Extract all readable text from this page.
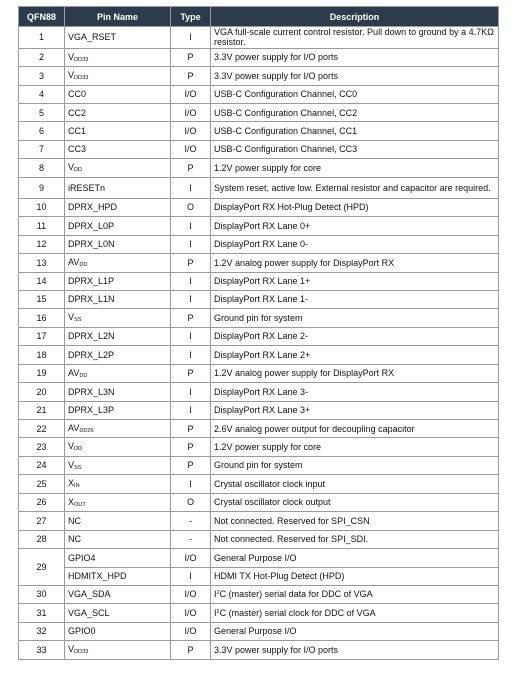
QFN88	Pin Name	Type	Description
1	VGA_RSET	I	VGA full-scale current control resistor. Pull down to ground by a 4.7KΩ resistor.
2	$V_{DD33}$	P	3.3V power supply for I/O ports
3	$V_{DD33}$	P	3.3V power supply for I/O ports
4	CC0	I/O	USB-C Configuration Channel, CC0
5	CC2	I/O	USB-C Configuration Channel, CC2
6	CC1	I/O	USB-C Configuration Channel, CC1
7	CC3	I/O	USB-C Configuration Channel, CC3
8	$V_{DD}$	P	1.2V power supply for core
9	iRESETn	I	System reset, active low. External resistor and capacitor are required.
10	DPRX_HPD	O	DisplayPort RX Hot-Plug Detect (HPD)
11	DPRX_L0P	I	DisplayPort RX Lane 0+
12	DPRX_L0N	I	DisplayPort RX Lane 0-
13	$AV_{DD}$	P	1.2V analog power supply for DisplayPort RX
14	DPRX_L1P	I	DisplayPort RX Lane 1+
15	DPRX_L1N	I	DisplayPort RX Lane 1-
16	$V_{SS}$	P	Ground pin for system
17	DPRX_L2N	I	DisplayPort RX Lane 2-
18	DPRX_L2P	I	DisplayPort RX Lane 2+
19	$AV_{DD}$	P	1.2V analog power supply for DisplayPort RX
20	DPRX_L3N	I	DisplayPort RX Lane 3-
21	DPRX_L3P	I	DisplayPort RX Lane 3+
22	$AV_{DD26}$	P	2.6V analog power output for decoupling capacitor
23	$V_{DD}$	P	1.2V power supply for core
24	$V_{SS}$	P	Ground pin for system
25	$X_{IN}$	I	Crystal oscillator clock input
26	$X_{OUT}$	O	Crystal oscillator clock output
27	NC	-	Not connected. Reserved for SPI_CSN
28	NC	-	Not connected. Reserved for SPI_SDI.
29	GPIO4	I/O	General Purpose I/O
	HDMITX_HPD	I	HDMI TX Hot-Plug Detect (HPD)
30	VGA_SDA	I/O	$I^2C$ (master) serial data for DDC of VGA
31	VGA_SCL	I/O	$I^2C$ (master) serial clock for DDC of VGA
32	GPIO0	I/O	General Purpose I/O
33	$V_{DD33}$	P	3.3V power supply for I/O ports
